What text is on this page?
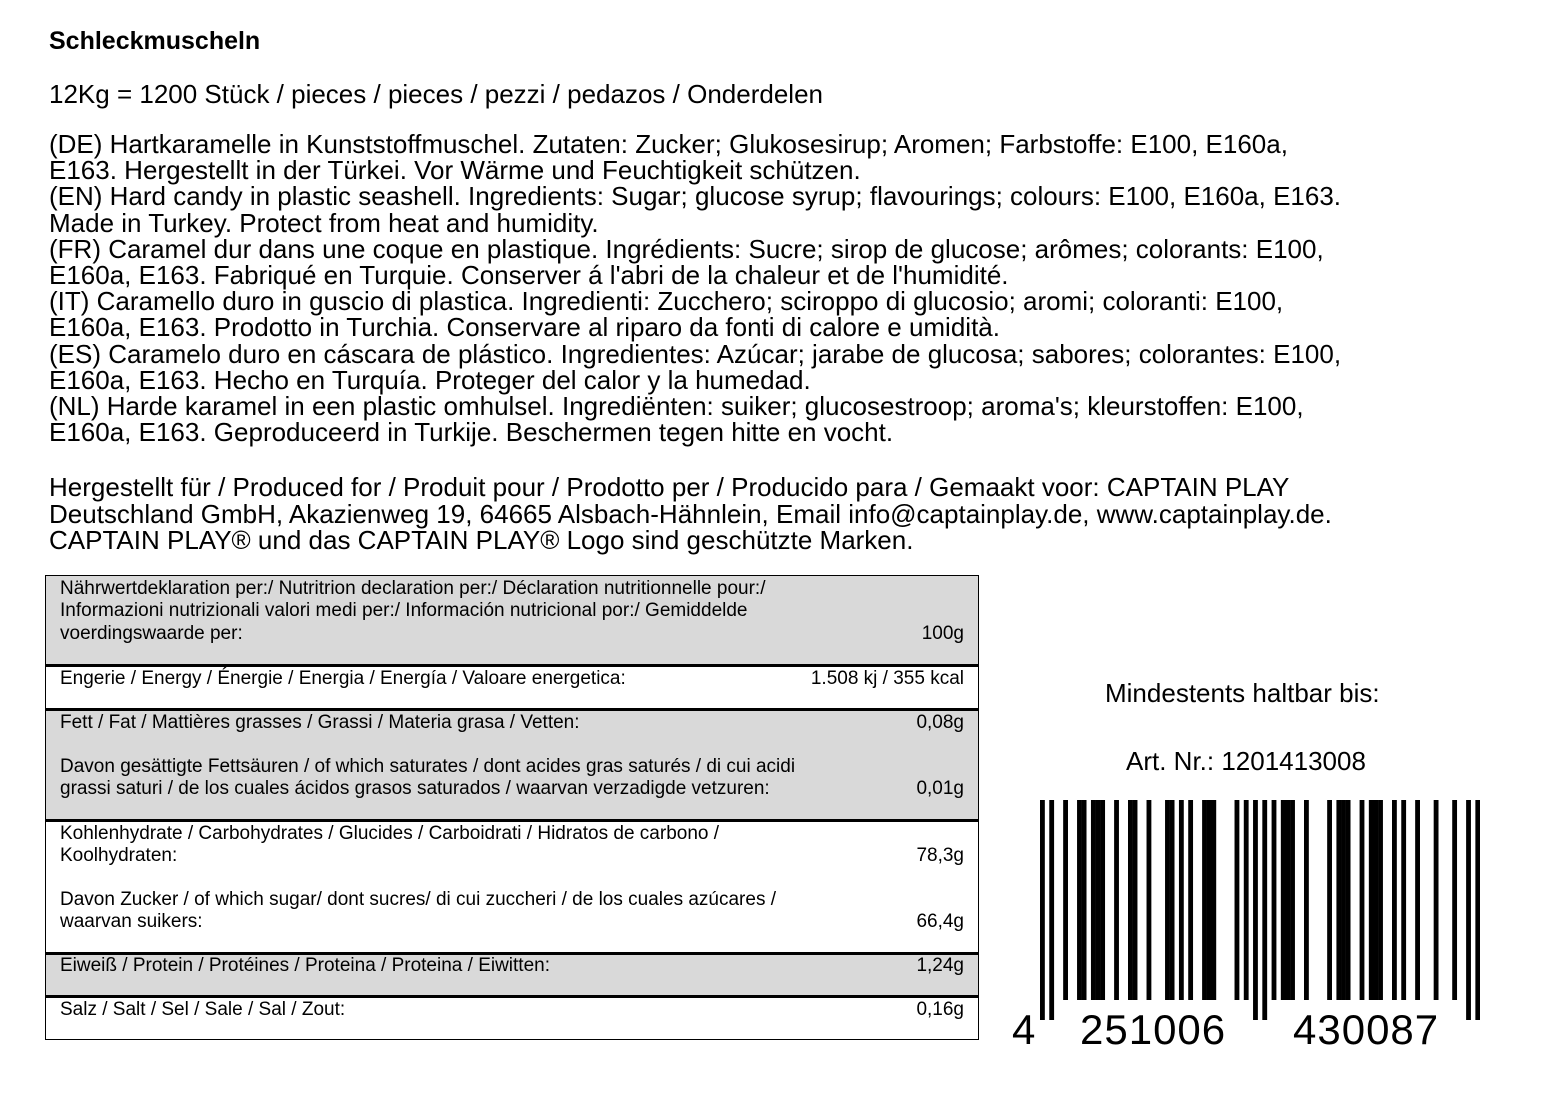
Schleckmuscheln
12Kg = 1200 Stück / pieces / pieces / pezzi / pedazos / Onderdelen
(DE) Hartkaramelle in Kunststoffmuschel. Zutaten: Zucker; Glukosesirup; Aromen; Farbstoffe: E100, E160a,
E163. Hergestellt in der Türkei. Vor Wärme und Feuchtigkeit schützen.
(EN) Hard candy in plastic seashell. Ingredients: Sugar; glucose syrup; flavourings; colours: E100, E160a, E163.
Made in Turkey. Protect from heat and humidity.
(FR) Caramel dur dans une coque en plastique. Ingrédients: Sucre; sirop de glucose; arômes; colorants: E100,
E160a, E163. Fabriqué en Turquie. Conserver á l'abri de la chaleur et de l'humidité.
(IT) Caramello duro in guscio di plastica. Ingredienti: Zucchero; sciroppo di glucosio; aromi; coloranti: E100,
E160a, E163. Prodotto in Turchia. Conservare al riparo da fonti di calore e umidità.
(ES) Caramelo duro en cáscara de plástico. Ingredientes: Azúcar; jarabe de glucosa; sabores; colorantes: E100,
E160a, E163. Hecho en Turquía. Proteger del calor y la humedad.
(NL) Harde karamel in een plastic omhulsel. Ingrediënten: suiker; glucosestroop; aroma's; kleurstoffen: E100,
E160a, E163. Geproduceerd in Turkije. Beschermen tegen hitte en vocht.
Hergestellt für / Produced for / Produit pour / Prodotto per / Producido para / Gemaakt voor: CAPTAIN PLAY
Deutschland GmbH, Akazienweg 19, 64665 Alsbach-Hähnlein, Email info@captainplay.de, www.captainplay.de.
CAPTAIN PLAY® und das CAPTAIN PLAY® Logo sind geschützte Marken.
Nährwertdeklaration per:/ Nutritrion declaration per:/ Déclaration nutritionnelle pour:/
Informazioni nutrizionali valori medi per:/ Información nutricional por:/ Gemiddelde
voerdingswaarde per:	100g
Engerie / Energy / Énergie / Energia / Energía / Valoare energetica:	1.508 kj / 355 kcal
Fett / Fat / Mattières grasses / Grassi / Materia grasa / Vetten:	0,08g
Davon gesättigte Fettsäuren / of which saturates / dont acides gras saturés / di cui acidi
grassi saturi / de los cuales ácidos grasos saturados / waarvan verzadigde vetzuren:	0,01g
Kohlenhydrate / Carbohydrates / Glucides / Carboidrati / Hidratos de carbono /
Koolhydraten:	78,3g
Davon Zucker / of which sugar/ dont sucres/ di cui zuccheri / de los cuales azúcares /
waarvan suikers:	66,4g
Eiweiß / Protein / Protéines / Proteina / Proteina / Eiwitten:	1,24g
Salz / Salt / Sel / Sale / Sal / Zout:	0,16g
Mindestents haltbar bis:
Art. Nr.: 1201413008
4 251006 430087
